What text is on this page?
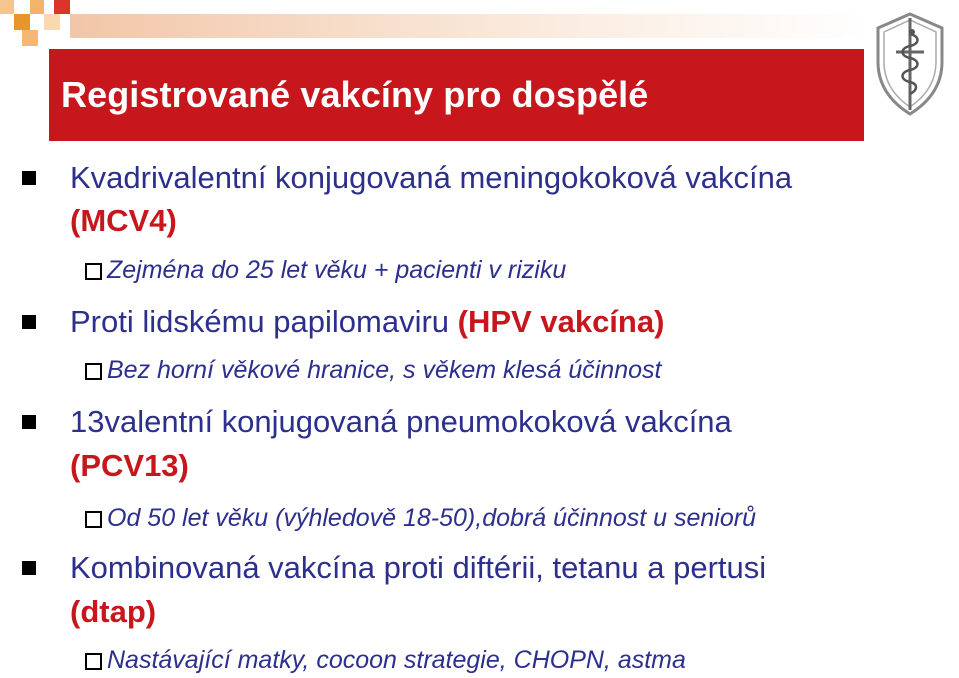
Registrované vakcíny pro dospělé
Kvadrivalentní konjugovaná meningokoková vakcína
(MCV4)
Zejména do 25 let věku + pacienti v riziku
Proti lidskému papilomaviru (HPV vakcína)
Bez horní věkové hranice, s věkem klesá účinnost
13valentní konjugovaná pneumokoková vakcína
(PCV13)
Od 50 let věku (výhledově 18-50),dobrá účinnost u seniorů
Kombinovaná vakcína proti diftérii, tetanu a pertusi
(dtap)
Nastávající matky, cocoon strategie, CHOPN, astma
